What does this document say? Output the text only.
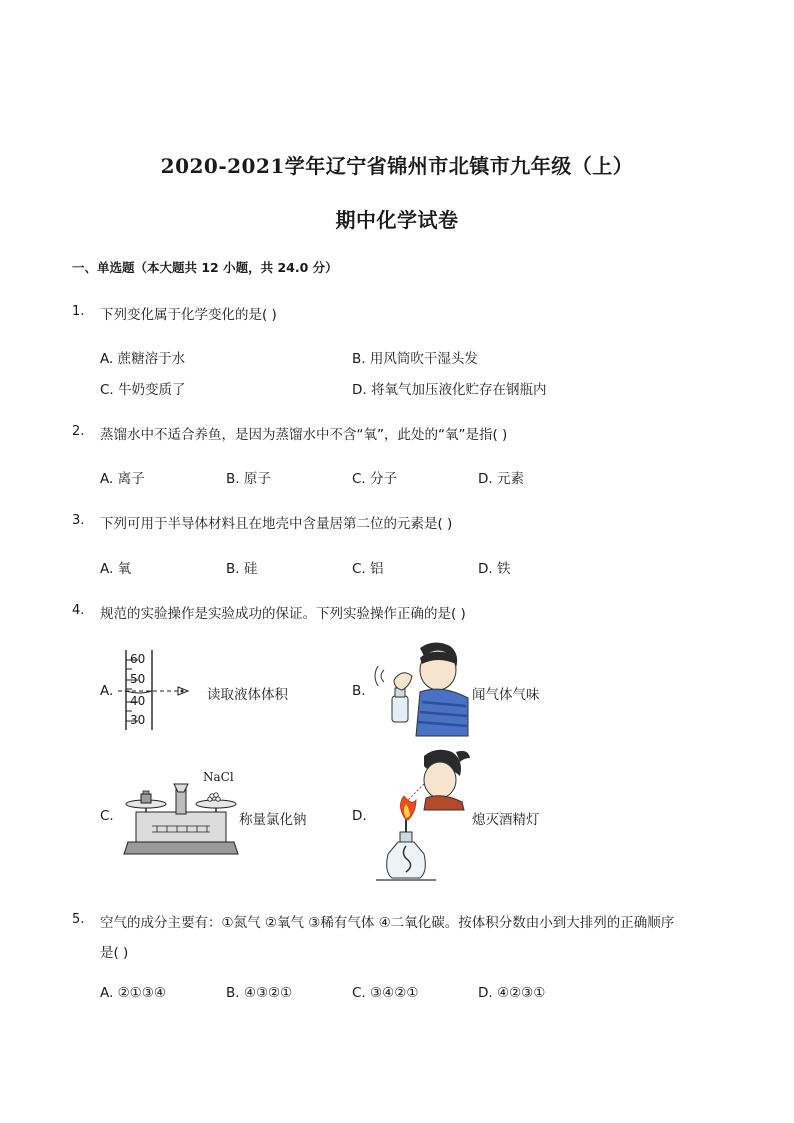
2020-2021学年辽宁省锦州市北镇市九年级（上）
期中化学试卷
一、单选题（本大题共 12 小题，共 24.0 分）
1. 下列变化属于化学变化的是( )
A. 蔗糖溶于水	B. 用风筒吹干湿头发
C. 牛奶变质了	D. 将氧气加压液化贮存在钢瓶内
2. 蒸馏水中不适合养鱼，是因为蒸馏水中不含“氧”，此处的“氧”是指( )
A. 离子	B. 原子	C. 分子	D. 元素
3. 下列可用于半导体材料且在地壳中含量居第二位的元素是( )
A. 氧	B. 硅	C. 铝	D. 铁
4. 规范的实验操作是实验成功的保证。下列实验操作正确的是( )
A.
60
50
40
30
读取液体体积	B.	闻气体气味
C.
NaCl
称量氯化钠	D.	熄灭酒精灯
5. 空气的成分主要有：①氮气 ②氧气 ③稀有气体 ④二氧化碳。按体积分数由小到大排列的正确顺序
是( )
A. ②①③④	B. ④③②①	C. ③④②①	D. ④②③①
